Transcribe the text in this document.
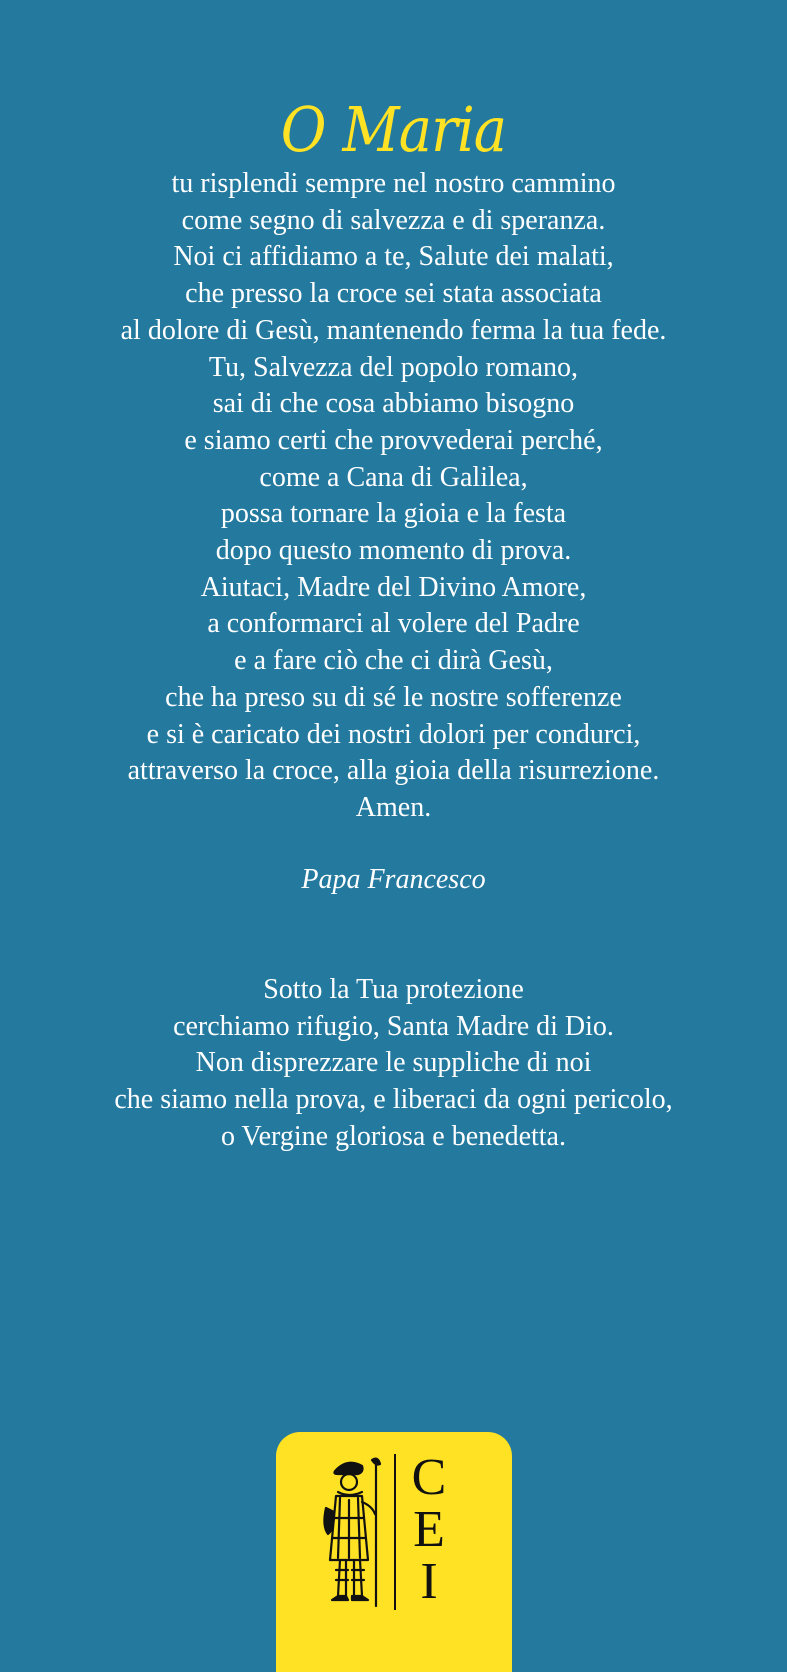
O Maria
tu risplendi sempre nel nostro cammino
come segno di salvezza e di speranza.
Noi ci affidiamo a te, Salute dei malati,
che presso la croce sei stata associata
al dolore di Gesù, mantenendo ferma la tua fede.
Tu, Salvezza del popolo romano,
sai di che cosa abbiamo bisogno
e siamo certi che provvederai perché,
come a Cana di Galilea,
possa tornare la gioia e la festa
dopo questo momento di prova.
Aiutaci, Madre del Divino Amore,
a conformarci al volere del Padre
e a fare ciò che ci dirà Gesù,
che ha preso su di sé le nostre sofferenze
e si è caricato dei nostri dolori per condurci,
attraverso la croce, alla gioia della risurrezione.
Amen.
Papa Francesco
Sotto la Tua protezione
cerchiamo rifugio, Santa Madre di Dio.
Non disprezzare le suppliche di noi
che siamo nella prova, e liberaci da ogni pericolo,
o Vergine gloriosa e benedetta.
C
E
I
